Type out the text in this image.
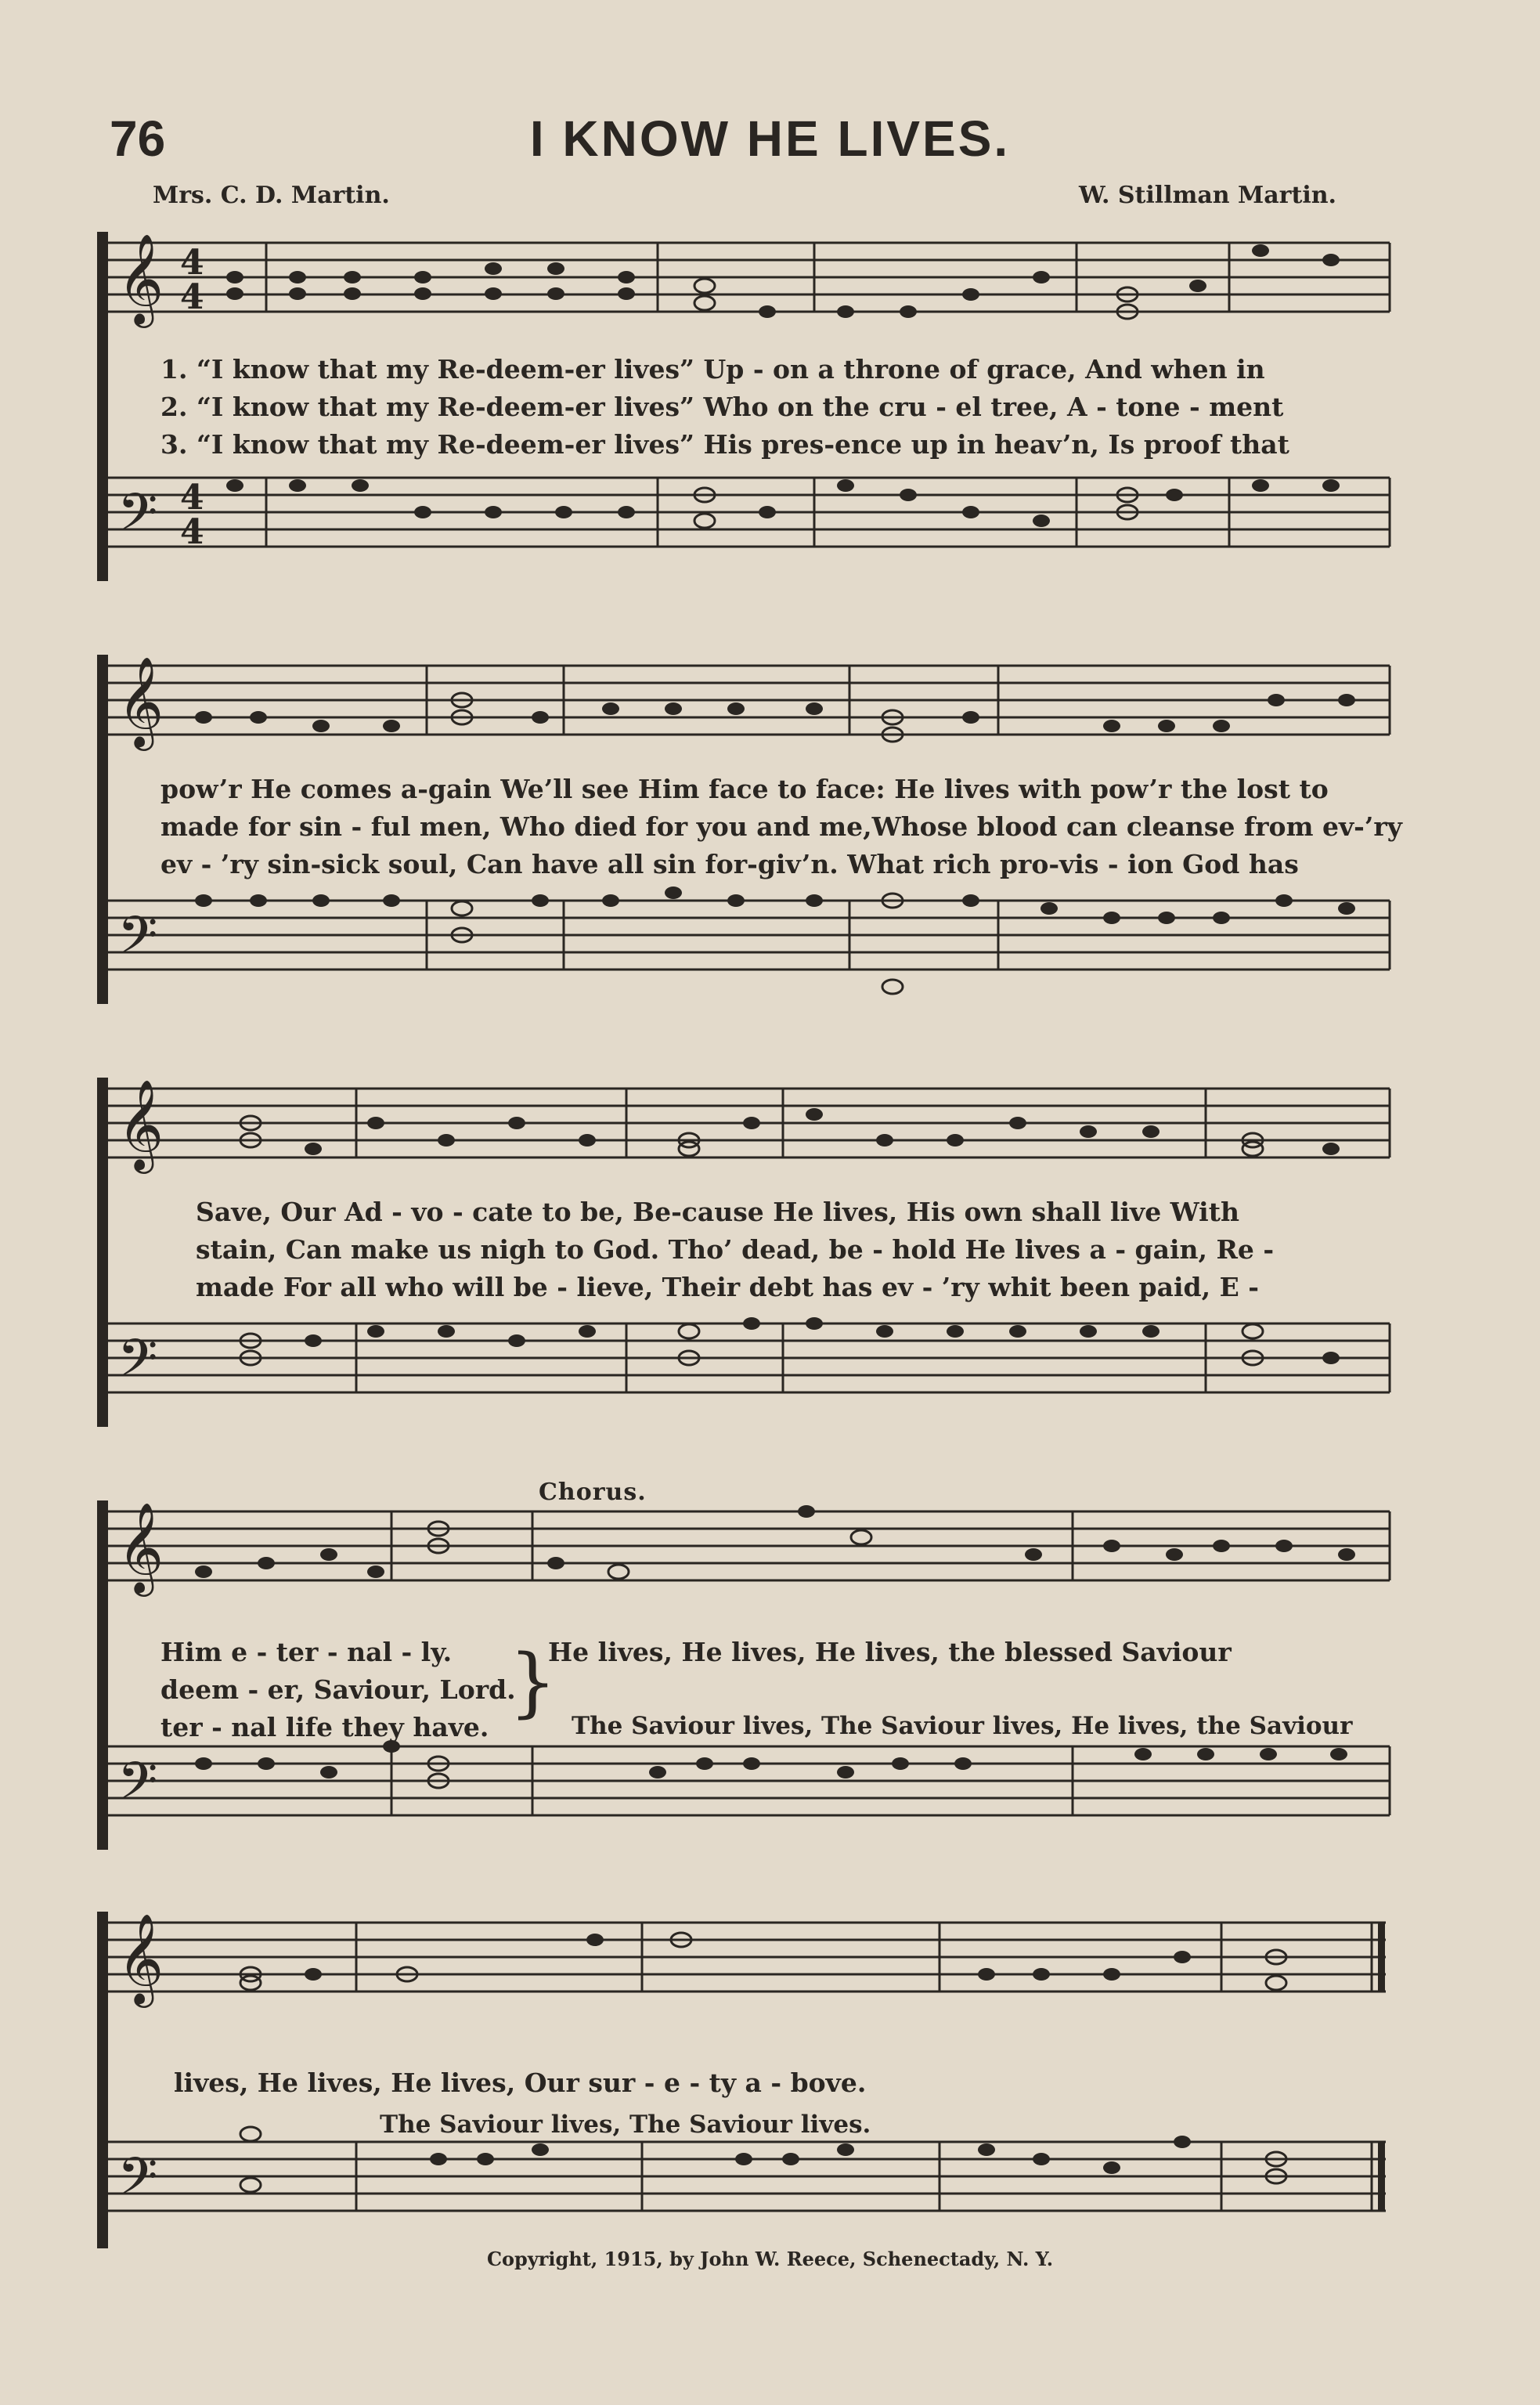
76	I KNOW HE LIVES.
Mrs. C. D. Martin.	W. Stillman Martin.
𝄞
𝄢
4
4
4
4
1. “I know that my Re-deem-er lives” Up - on a throne of grace, And when in
2. “I know that my Re-deem-er lives” Who on the cru - el tree, A - tone - ment
3. “I know that my Re-deem-er lives” His pres-ence up in heav’n, Is proof that
𝄞
𝄢
pow’r He comes a-gain We’ll see Him face to face: He lives with pow’r the lost to
made for sin - ful men, Who died for you and me,Whose blood can cleanse from ev-’ry
ev - ’ry sin-sick soul, Can have all sin for-giv’n. What rich pro-vis - ion God has
𝄞
𝄢
Save, Our Ad - vo - cate to be, Be-cause He lives, His own shall live With
stain, Can make us nigh to God. Tho’ dead, be - hold He lives a - gain, Re -
made For all who will be - lieve, Their debt has ev - ’ry whit been paid, E -
Chorus.
𝄞
𝄢
Him e - ter - nal - ly.
deem - er, Saviour, Lord.
ter - nal life they have.
}
He lives, He lives, He lives, the blessed Saviour
The Saviour lives, The Saviour lives, He lives, the Saviour
𝄞
𝄢
lives, He lives, He lives, Our sur - e - ty a - bove.
The Saviour lives, The Saviour lives.
Copyright, 1915, by John W. Reece, Schenectady, N. Y.
